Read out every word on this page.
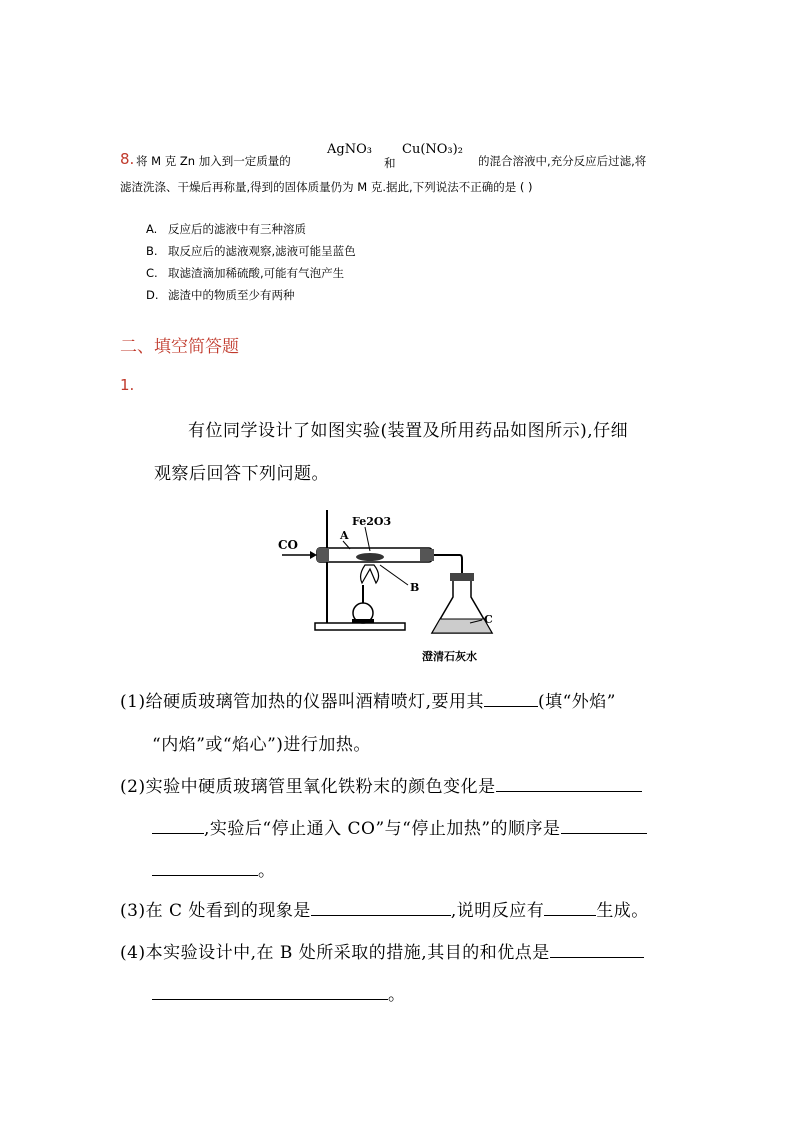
8. 将 M 克 Zn 加入到一定质量的
AgNO₃
和
Cu(NO₃)₂
的混合溶液中,充分反应后过滤,将
滤渣洗涤、干燥后再称量,得到的固体质量仍为 M 克.据此,下列说法不正确的是 ( )
A. 反应后的滤液中有三种溶质
B. 取反应后的滤液观察,滤液可能呈蓝色
C. 取滤渣滴加稀硫酸,可能有气泡产生
D. 滤渣中的物质至少有两种
二、填空简答题
1.
有位同学设计了如图实验(装置及所用药品如图所示),仔细
观察后回答下列问题。
CO
Fe2O3
A
B
C
澄清石灰水
(1)给硬质玻璃管加热的仪器叫酒精喷灯,要用其	(填“外焰”
“内焰”或“焰心”)进行加热。
(2)实验中硬质玻璃管里氧化铁粉末的颜色变化是
,实验后“停止通入 CO”与“停止加热”的顺序是
。
(3)在 C 处看到的现象是	,说明反应有	生成。
(4)本实验设计中,在 B 处所采取的措施,其目的和优点是
。
